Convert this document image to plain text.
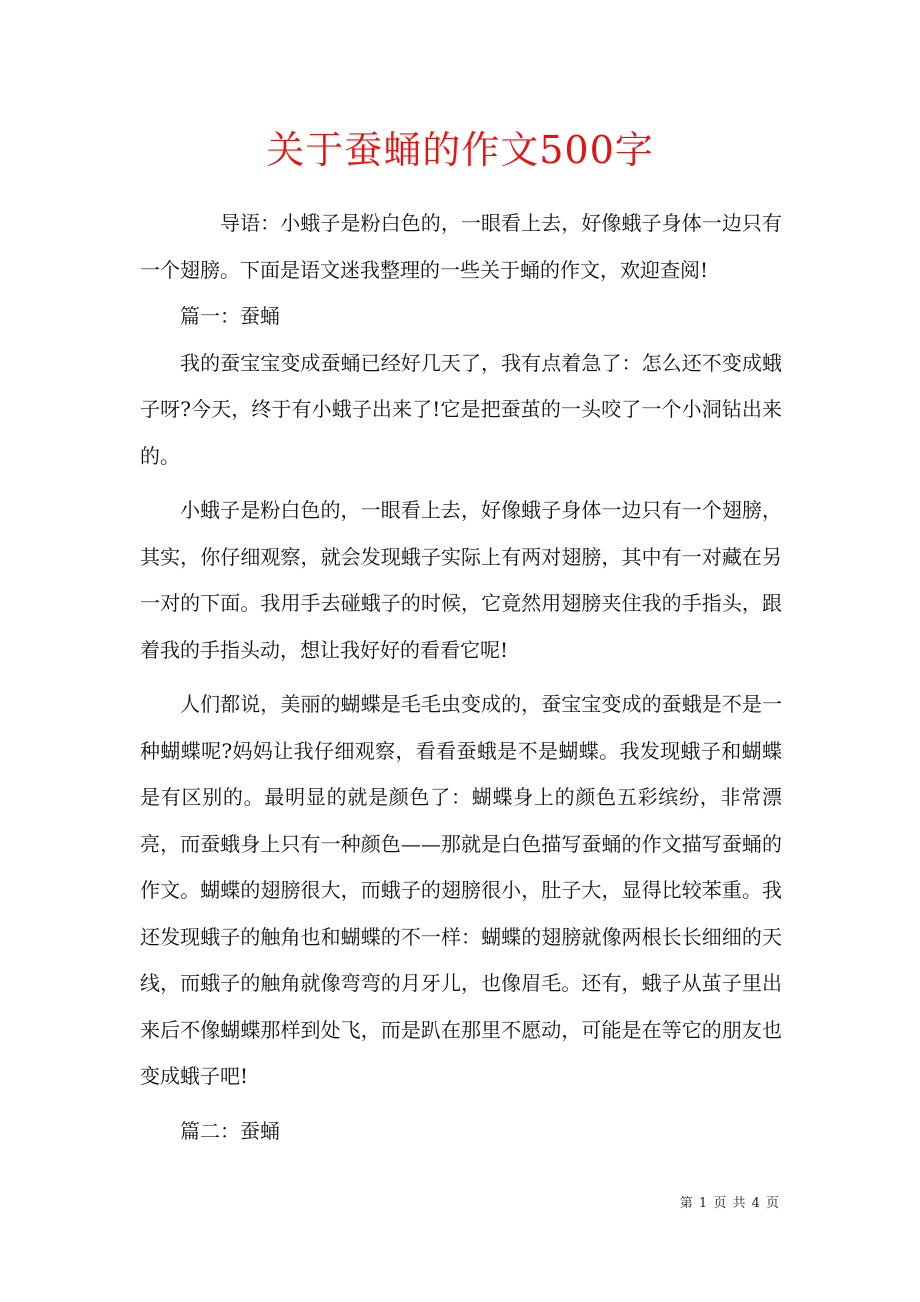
关于蚕蛹的作文500字

导语：小蛾子是粉白色的，一眼看上去，好像蛾子身体一边只有一个翅膀。下面是语文迷我整理的一些关于蛹的作文，欢迎查阅!

篇一：蚕蛹

我的蚕宝宝变成蚕蛹已经好几天了，我有点着急了：怎么还不变成蛾子呀?今天，终于有小蛾子出来了!它是把蚕茧的一头咬了一个小洞钻出来的。

小蛾子是粉白色的，一眼看上去，好像蛾子身体一边只有一个翅膀，其实，你仔细观察，就会发现蛾子实际上有两对翅膀，其中有一对藏在另一对的下面。我用手去碰蛾子的时候，它竟然用翅膀夹住我的手指头，跟着我的手指头动，想让我好好的看看它呢!

人们都说，美丽的蝴蝶是毛毛虫变成的，蚕宝宝变成的蚕蛾是不是一种蝴蝶呢?妈妈让我仔细观察，看看蚕蛾是不是蝴蝶。我发现蛾子和蝴蝶是有区别的。最明显的就是颜色了：蝴蝶身上的颜色五彩缤纷，非常漂亮，而蚕蛾身上只有一种颜色——那就是白色描写蚕蛹的作文描写蚕蛹的作文。蝴蝶的翅膀很大，而蛾子的翅膀很小，肚子大，显得比较苯重。我还发现蛾子的触角也和蝴蝶的不一样：蝴蝶的翅膀就像两根长长细细的天线，而蛾子的触角就像弯弯的月牙儿，也像眉毛。还有，蛾子从茧子里出来后不像蝴蝶那样到处飞，而是趴在那里不愿动，可能是在等它的朋友也变成蛾子吧!

篇二：蚕蛹

第 1 页 共 4 页
